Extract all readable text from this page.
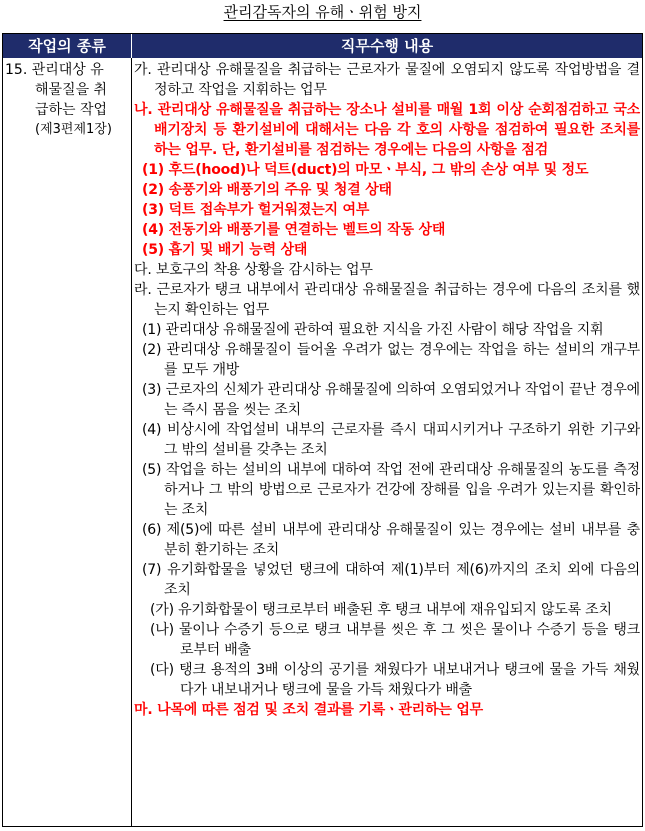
관리감독자의 유해ㆍ위험 방지
작업의 종류	직무수행 내용
15. 관리대상 유
해물질을 취
급하는 작업
(제3편제1장)
가. 관리대상 유해물질을 취급하는 근로자가 물질에 오염되지 않도록 작업방법을 결정하고 작업을 지휘하는 업무
나. 관리대상 유해물질을 취급하는 장소나 설비를 매월 1회 이상 순회점검하고 국소배기장치 등 환기설비에 대해서는 다음 각 호의 사항을 점검하여 필요한 조치를 하는 업무. 단, 환기설비를 점검하는 경우에는 다음의 사항을 점검
(1) 후드(hood)나 덕트(duct)의 마모ㆍ부식, 그 밖의 손상 여부 및 정도
(2) 송풍기와 배풍기의 주유 및 청결 상태
(3) 덕트 접속부가 헐거워졌는지 여부
(4) 전동기와 배풍기를 연결하는 벨트의 작동 상태
(5) 흡기 및 배기 능력 상태
다. 보호구의 착용 상황을 감시하는 업무
라. 근로자가 탱크 내부에서 관리대상 유해물질을 취급하는 경우에 다음의 조치를 했는지 확인하는 업무
(1) 관리대상 유해물질에 관하여 필요한 지식을 가진 사람이 해당 작업을 지휘
(2) 관리대상 유해물질이 들어올 우려가 없는 경우에는 작업을 하는 설비의 개구부를 모두 개방
(3) 근로자의 신체가 관리대상 유해물질에 의하여 오염되었거나 작업이 끝난 경우에는 즉시 몸을 씻는 조치
(4) 비상시에 작업설비 내부의 근로자를 즉시 대피시키거나 구조하기 위한 기구와 그 밖의 설비를 갖추는 조치
(5) 작업을 하는 설비의 내부에 대하여 작업 전에 관리대상 유해물질의 농도를 측정하거나 그 밖의 방법으로 근로자가 건강에 장해를 입을 우려가 있는지를 확인하는 조치
(6) 제(5)에 따른 설비 내부에 관리대상 유해물질이 있는 경우에는 설비 내부를 충분히 환기하는 조치
(7) 유기화합물을 넣었던 탱크에 대하여 제(1)부터 제(6)까지의 조치 외에 다음의 조치
(가) 유기화합물이 탱크로부터 배출된 후 탱크 내부에 재유입되지 않도록 조치
(나) 물이나 수증기 등으로 탱크 내부를 씻은 후 그 씻은 물이나 수증기 등을 탱크로부터 배출
(다) 탱크 용적의 3배 이상의 공기를 채웠다가 내보내거나 탱크에 물을 가득 채웠다가 내보내거나 탱크에 물을 가득 채웠다가 배출
마. 나목에 따른 점검 및 조치 결과를 기록ㆍ관리하는 업무
